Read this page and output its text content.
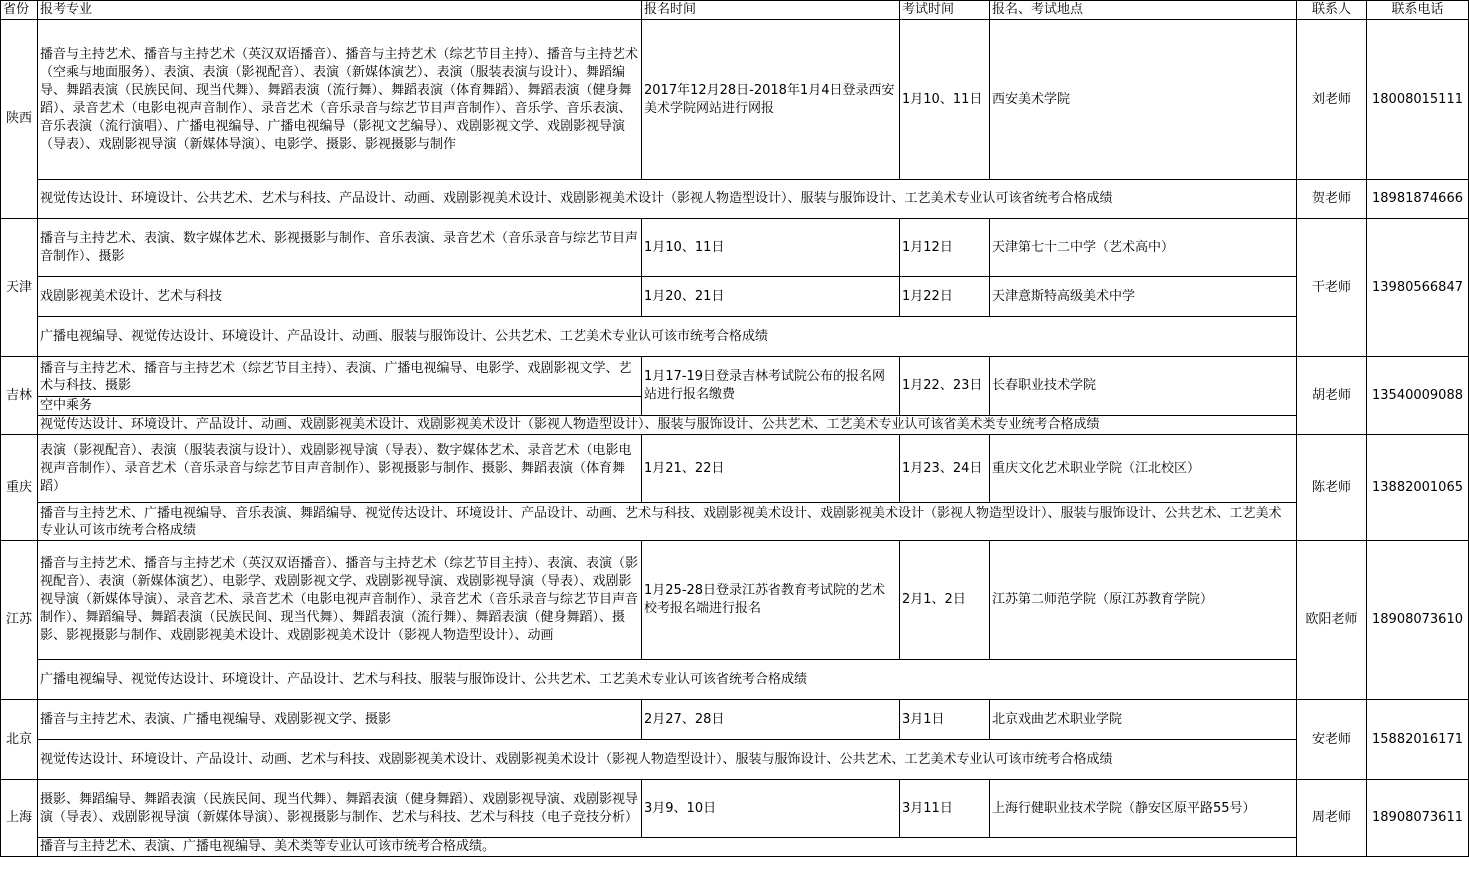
省份	报考专业	报名时间	考试时间	报名、考试地点	联系人	联系电话
陕西	播音与主持艺术、播音与主持艺术（英汉双语播音）、播音与主持艺术（综艺节目主持）、播音与主持艺术（空乘与地面服务）、表演、表演（影视配音）、表演（新媒体演艺）、表演（服装表演与设计）、舞蹈编导、舞蹈表演（民族民间、现当代舞）、舞蹈表演（流行舞）、舞蹈表演（体育舞蹈）、舞蹈表演（健身舞蹈）、录音艺术（电影电视声音制作）、录音艺术（音乐录音与综艺节目声音制作）、音乐学、音乐表演、音乐表演（流行演唱）、广播电视编导、广播电视编导（影视文艺编导）、戏剧影视文学、戏剧影视导演（导表）、戏剧影视导演（新媒体导演）、电影学、摄影、影视摄影与制作	2017年12月28日-2018年1月4日登录西安美术学院网站进行网报	1月10、11日	西安美术学院	刘老师	18008015111
	视觉传达设计、环境设计、公共艺术、艺术与科技、产品设计、动画、戏剧影视美术设计、戏剧影视美术设计（影视人物造型设计）、服装与服饰设计、工艺美术专业认可该省统考合格成绩				贺老师	18981874666
天津	播音与主持艺术、表演、数字媒体艺术、影视摄影与制作、音乐表演、录音艺术（音乐录音与综艺节目声音制作）、摄影	1月10、11日	1月12日	天津第七十二中学（艺术高中）	干老师	13980566847
	戏剧影视美术设计、艺术与科技	1月20、21日	1月22日	天津意斯特高级美术中学		
	广播电视编导、视觉传达设计、环境设计、产品设计、动画、服装与服饰设计、公共艺术、工艺美术专业认可该市统考合格成绩					
吉林	播音与主持艺术、播音与主持艺术（综艺节目主持）、表演、广播电视编导、电影学、戏剧影视文学、艺术与科技、摄影	1月17-19日登录吉林考试院公布的报名网站进行报名缴费	1月22、23日	长春职业技术学院	胡老师	13540009088
	空中乘务					
	视觉传达设计、环境设计、产品设计、动画、戏剧影视美术设计、戏剧影视美术设计（影视人物造型设计）、服装与服饰设计、公共艺术、工艺美术专业认可该省美术类专业统考合格成绩					
重庆	表演（影视配音）、表演（服装表演与设计）、戏剧影视导演（导表）、数字媒体艺术、录音艺术（电影电视声音制作）、录音艺术（音乐录音与综艺节目声音制作）、影视摄影与制作、摄影、舞蹈表演（体育舞蹈）	1月21、22日	1月23、24日	重庆文化艺术职业学院（江北校区）	陈老师	13882001065
	播音与主持艺术、广播电视编导、音乐表演、舞蹈编导、视觉传达设计、环境设计、产品设计、动画、艺术与科技、戏剧影视美术设计、戏剧影视美术设计（影视人物造型设计）、服装与服饰设计、公共艺术、工艺美术专业认可该市统考合格成绩					
江苏	播音与主持艺术、播音与主持艺术（英汉双语播音）、播音与主持艺术（综艺节目主持）、表演、表演（影视配音）、表演（新媒体演艺）、电影学、戏剧影视文学、戏剧影视导演、戏剧影视导演（导表）、戏剧影视导演（新媒体导演）、录音艺术、录音艺术（电影电视声音制作）、录音艺术（音乐录音与综艺节目声音制作）、舞蹈编导、舞蹈表演（民族民间、现当代舞）、舞蹈表演（流行舞）、舞蹈表演（健身舞蹈）、摄影、影视摄影与制作、戏剧影视美术设计、戏剧影视美术设计（影视人物造型设计）、动画	1月25-28日登录江苏省教育考试院的艺术校考报名端进行报名	2月1、2日	江苏第二师范学院（原江苏教育学院）	欧阳老师	18908073610
	广播电视编导、视觉传达设计、环境设计、产品设计、艺术与科技、服装与服饰设计、公共艺术、工艺美术专业认可该省统考合格成绩					
北京	播音与主持艺术、表演、广播电视编导、戏剧影视文学、摄影	2月27、28日	3月1日	北京戏曲艺术职业学院	安老师	15882016171
	视觉传达设计、环境设计、产品设计、动画、艺术与科技、戏剧影视美术设计、戏剧影视美术设计（影视人物造型设计）、服装与服饰设计、公共艺术、工艺美术专业认可该市统考合格成绩					
上海	摄影、舞蹈编导、舞蹈表演（民族民间、现当代舞）、舞蹈表演（健身舞蹈）、戏剧影视导演、戏剧影视导演（导表）、戏剧影视导演（新媒体导演）、影视摄影与制作、艺术与科技、艺术与科技（电子竞技分析）	3月9、10日	3月11日	上海行健职业技术学院（静安区原平路55号）	周老师	18908073611
	播音与主持艺术、表演、广播电视编导、美术类等专业认可该市统考合格成绩。					
